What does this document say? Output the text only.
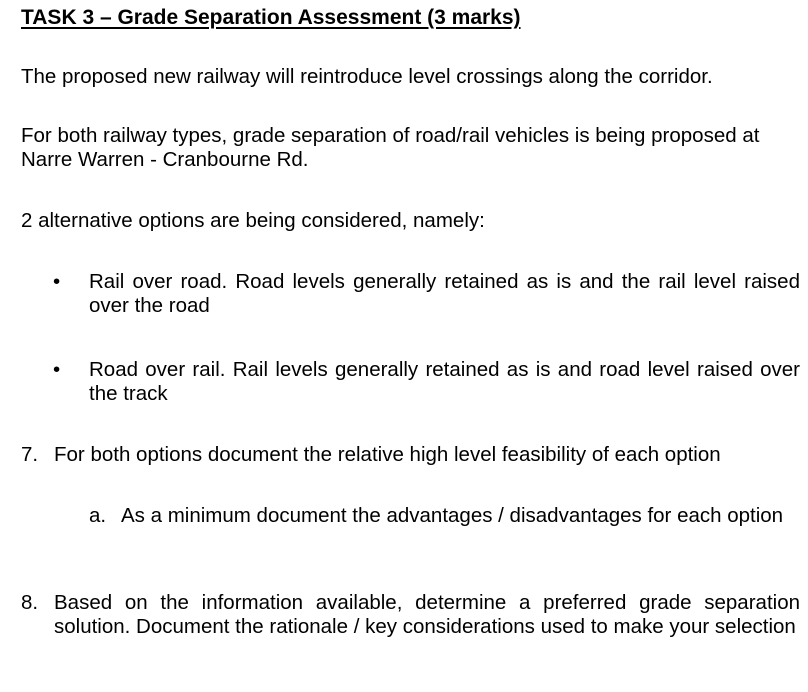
TASK 3 – Grade Separation Assessment (3 marks)
The proposed new railway will reintroduce level crossings along the corridor.
For both railway types, grade separation of road/rail vehicles is being proposed at Narre Warren - Cranbourne Rd.
2 alternative options are being considered, namely:
• Rail over road. Road levels generally retained as is and the rail level raised over the road
• Road over rail. Rail levels generally retained as is and road level raised over the track
7. For both options document the relative high level feasibility of each option
a. As a minimum document the advantages / disadvantages for each option
8. Based on the information available, determine a preferred grade separation solution. Document the rationale / key considerations used to make your selection
